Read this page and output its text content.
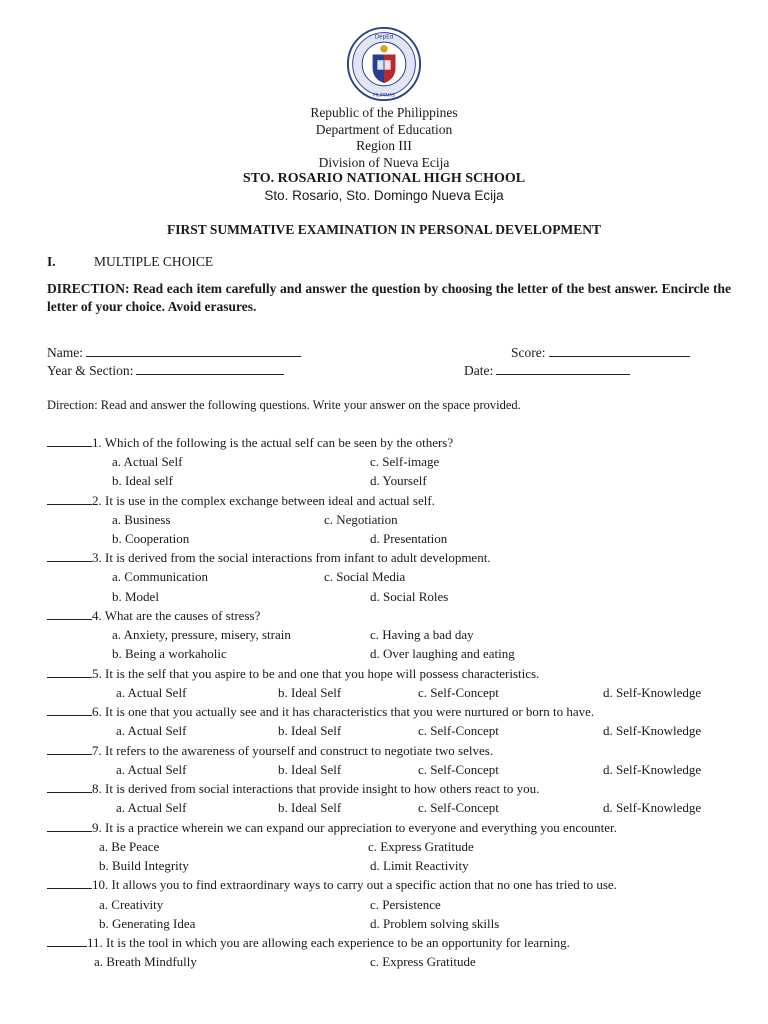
DepEd
PILIPINAS
Republic of the Philippines
Department of Education
Region III
Division of Nueva Ecija
STO. ROSARIO NATIONAL HIGH SCHOOL
Sto. Rosario, Sto. Domingo Nueva Ecija
FIRST SUMMATIVE EXAMINATION IN PERSONAL DEVELOPMENT
I.	MULTIPLE CHOICE
DIRECTION: Read each item carefully and answer the question by choosing the letter of the best answer. Encircle the letter of your choice. Avoid erasures.
Name:	Score:
Year & Section:	Date:
Direction: Read and answer the following questions. Write your answer on the space provided.
1. Which of the following is the actual self can be seen by the others?
a. Actual Self	c. Self-image
b. Ideal self	d. Yourself
2. It is use in the complex exchange between ideal and actual self.
a. Business	c. Negotiation
b. Cooperation	d. Presentation
3. It is derived from the social interactions from infant to adult development.
a. Communication	c. Social Media
b. Model	d. Social Roles
4. What are the causes of stress?
a. Anxiety, pressure, misery, strain	c. Having a bad day
b. Being a workaholic	d. Over laughing and eating
5. It is the self that you aspire to be and one that you hope will possess characteristics.
a. Actual Self	b. Ideal Self	c. Self-Concept	d. Self-Knowledge
6. It is one that you actually see and it has characteristics that you were nurtured or born to have.
a. Actual Self	b. Ideal Self	c. Self-Concept	d. Self-Knowledge
7. It refers to the awareness of yourself and construct to negotiate two selves.
a. Actual Self	b. Ideal Self	c. Self-Concept	d. Self-Knowledge
8. It is derived from social interactions that provide insight to how others react to you.
a. Actual Self	b. Ideal Self	c. Self-Concept	d. Self-Knowledge
9. It is a practice wherein we can expand our appreciation to everyone and everything you encounter.
a. Be Peace	c. Express Gratitude
b. Build Integrity	d. Limit Reactivity
10. It allows you to find extraordinary ways to carry out a specific action that no one has tried to use.
a. Creativity	c. Persistence
b. Generating Idea	d. Problem solving skills
11. It is the tool in which you are allowing each experience to be an opportunity for learning.
a. Breath Mindfully	c. Express Gratitude
